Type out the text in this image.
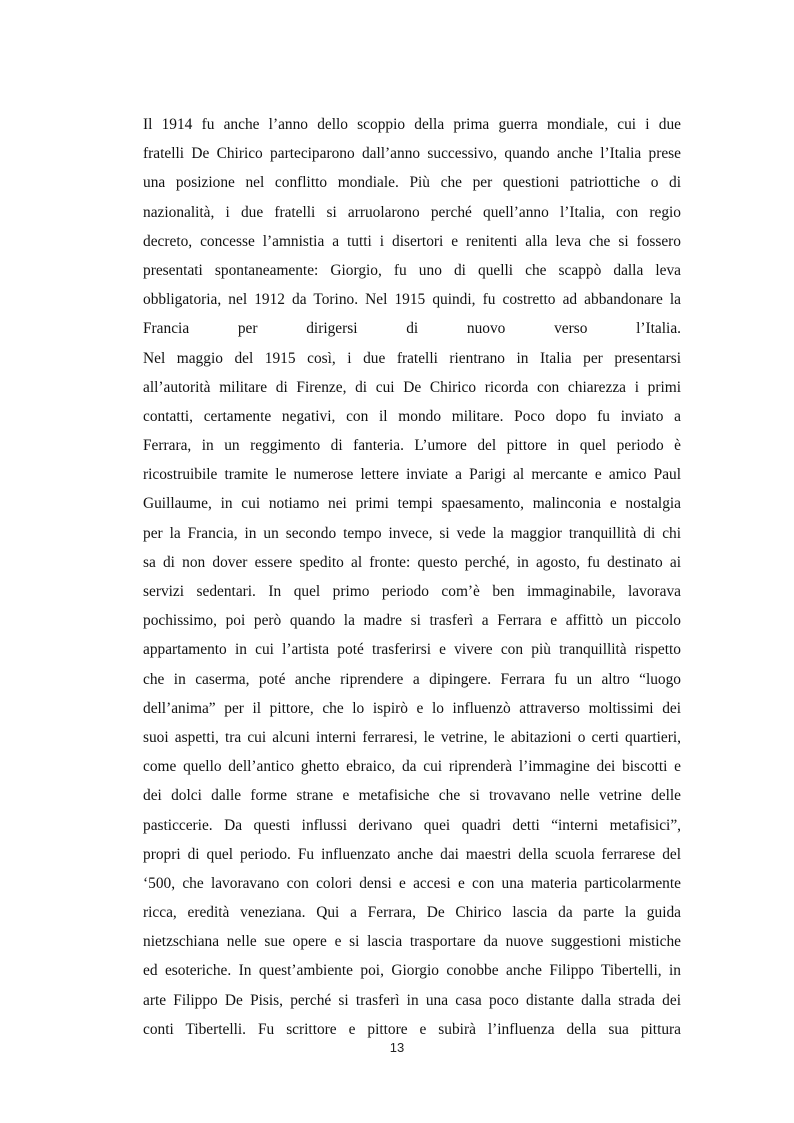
Il 1914 fu anche l’anno dello scoppio della prima guerra mondiale, cui i due
fratelli De Chirico parteciparono dall’anno successivo, quando anche l’Italia prese
una posizione nel conflitto mondiale. Più che per questioni patriottiche o di
nazionalità, i due fratelli si arruolarono perché quell’anno l’Italia, con regio
decreto, concesse l’amnistia a tutti i disertori e renitenti alla leva che si fossero
presentati spontaneamente: Giorgio, fu uno di quelli che scappò dalla leva
obbligatoria, nel 1912 da Torino. Nel 1915 quindi, fu costretto ad abbandonare la
Francia per dirigersi di nuovo verso l’Italia.
Nel maggio del 1915 così, i due fratelli rientrano in Italia per presentarsi
all’autorità militare di Firenze, di cui De Chirico ricorda con chiarezza i primi
contatti, certamente negativi, con il mondo militare. Poco dopo fu inviato a
Ferrara, in un reggimento di fanteria. L’umore del pittore in quel periodo è
ricostruibile tramite le numerose lettere inviate a Parigi al mercante e amico Paul
Guillaume, in cui notiamo nei primi tempi spaesamento, malinconia e nostalgia
per la Francia, in un secondo tempo invece, si vede la maggior tranquillità di chi
sa di non dover essere spedito al fronte: questo perché, in agosto, fu destinato ai
servizi sedentari. In quel primo periodo com’è ben immaginabile, lavorava
pochissimo, poi però quando la madre si trasferì a Ferrara e affittò un piccolo
appartamento in cui l’artista poté trasferirsi e vivere con più tranquillità rispetto
che in caserma, poté anche riprendere a dipingere. Ferrara fu un altro “luogo
dell’anima” per il pittore, che lo ispirò e lo influenzò attraverso moltissimi dei
suoi aspetti, tra cui alcuni interni ferraresi, le vetrine, le abitazioni o certi quartieri,
come quello dell’antico ghetto ebraico, da cui riprenderà l’immagine dei biscotti e
dei dolci dalle forme strane e metafisiche che si trovavano nelle vetrine delle
pasticcerie. Da questi influssi derivano quei quadri detti “interni metafisici”,
propri di quel periodo. Fu influenzato anche dai maestri della scuola ferrarese del
‘500, che lavoravano con colori densi e accesi e con una materia particolarmente
ricca, eredità veneziana. Qui a Ferrara, De Chirico lascia da parte la guida
nietzschiana nelle sue opere e si lascia trasportare da nuove suggestioni mistiche
ed esoteriche. In quest’ambiente poi, Giorgio conobbe anche Filippo Tibertelli, in
arte Filippo De Pisis, perché si trasferì in una casa poco distante dalla strada dei
conti Tibertelli. Fu scrittore e pittore e subirà l’influenza della sua pittura
13
